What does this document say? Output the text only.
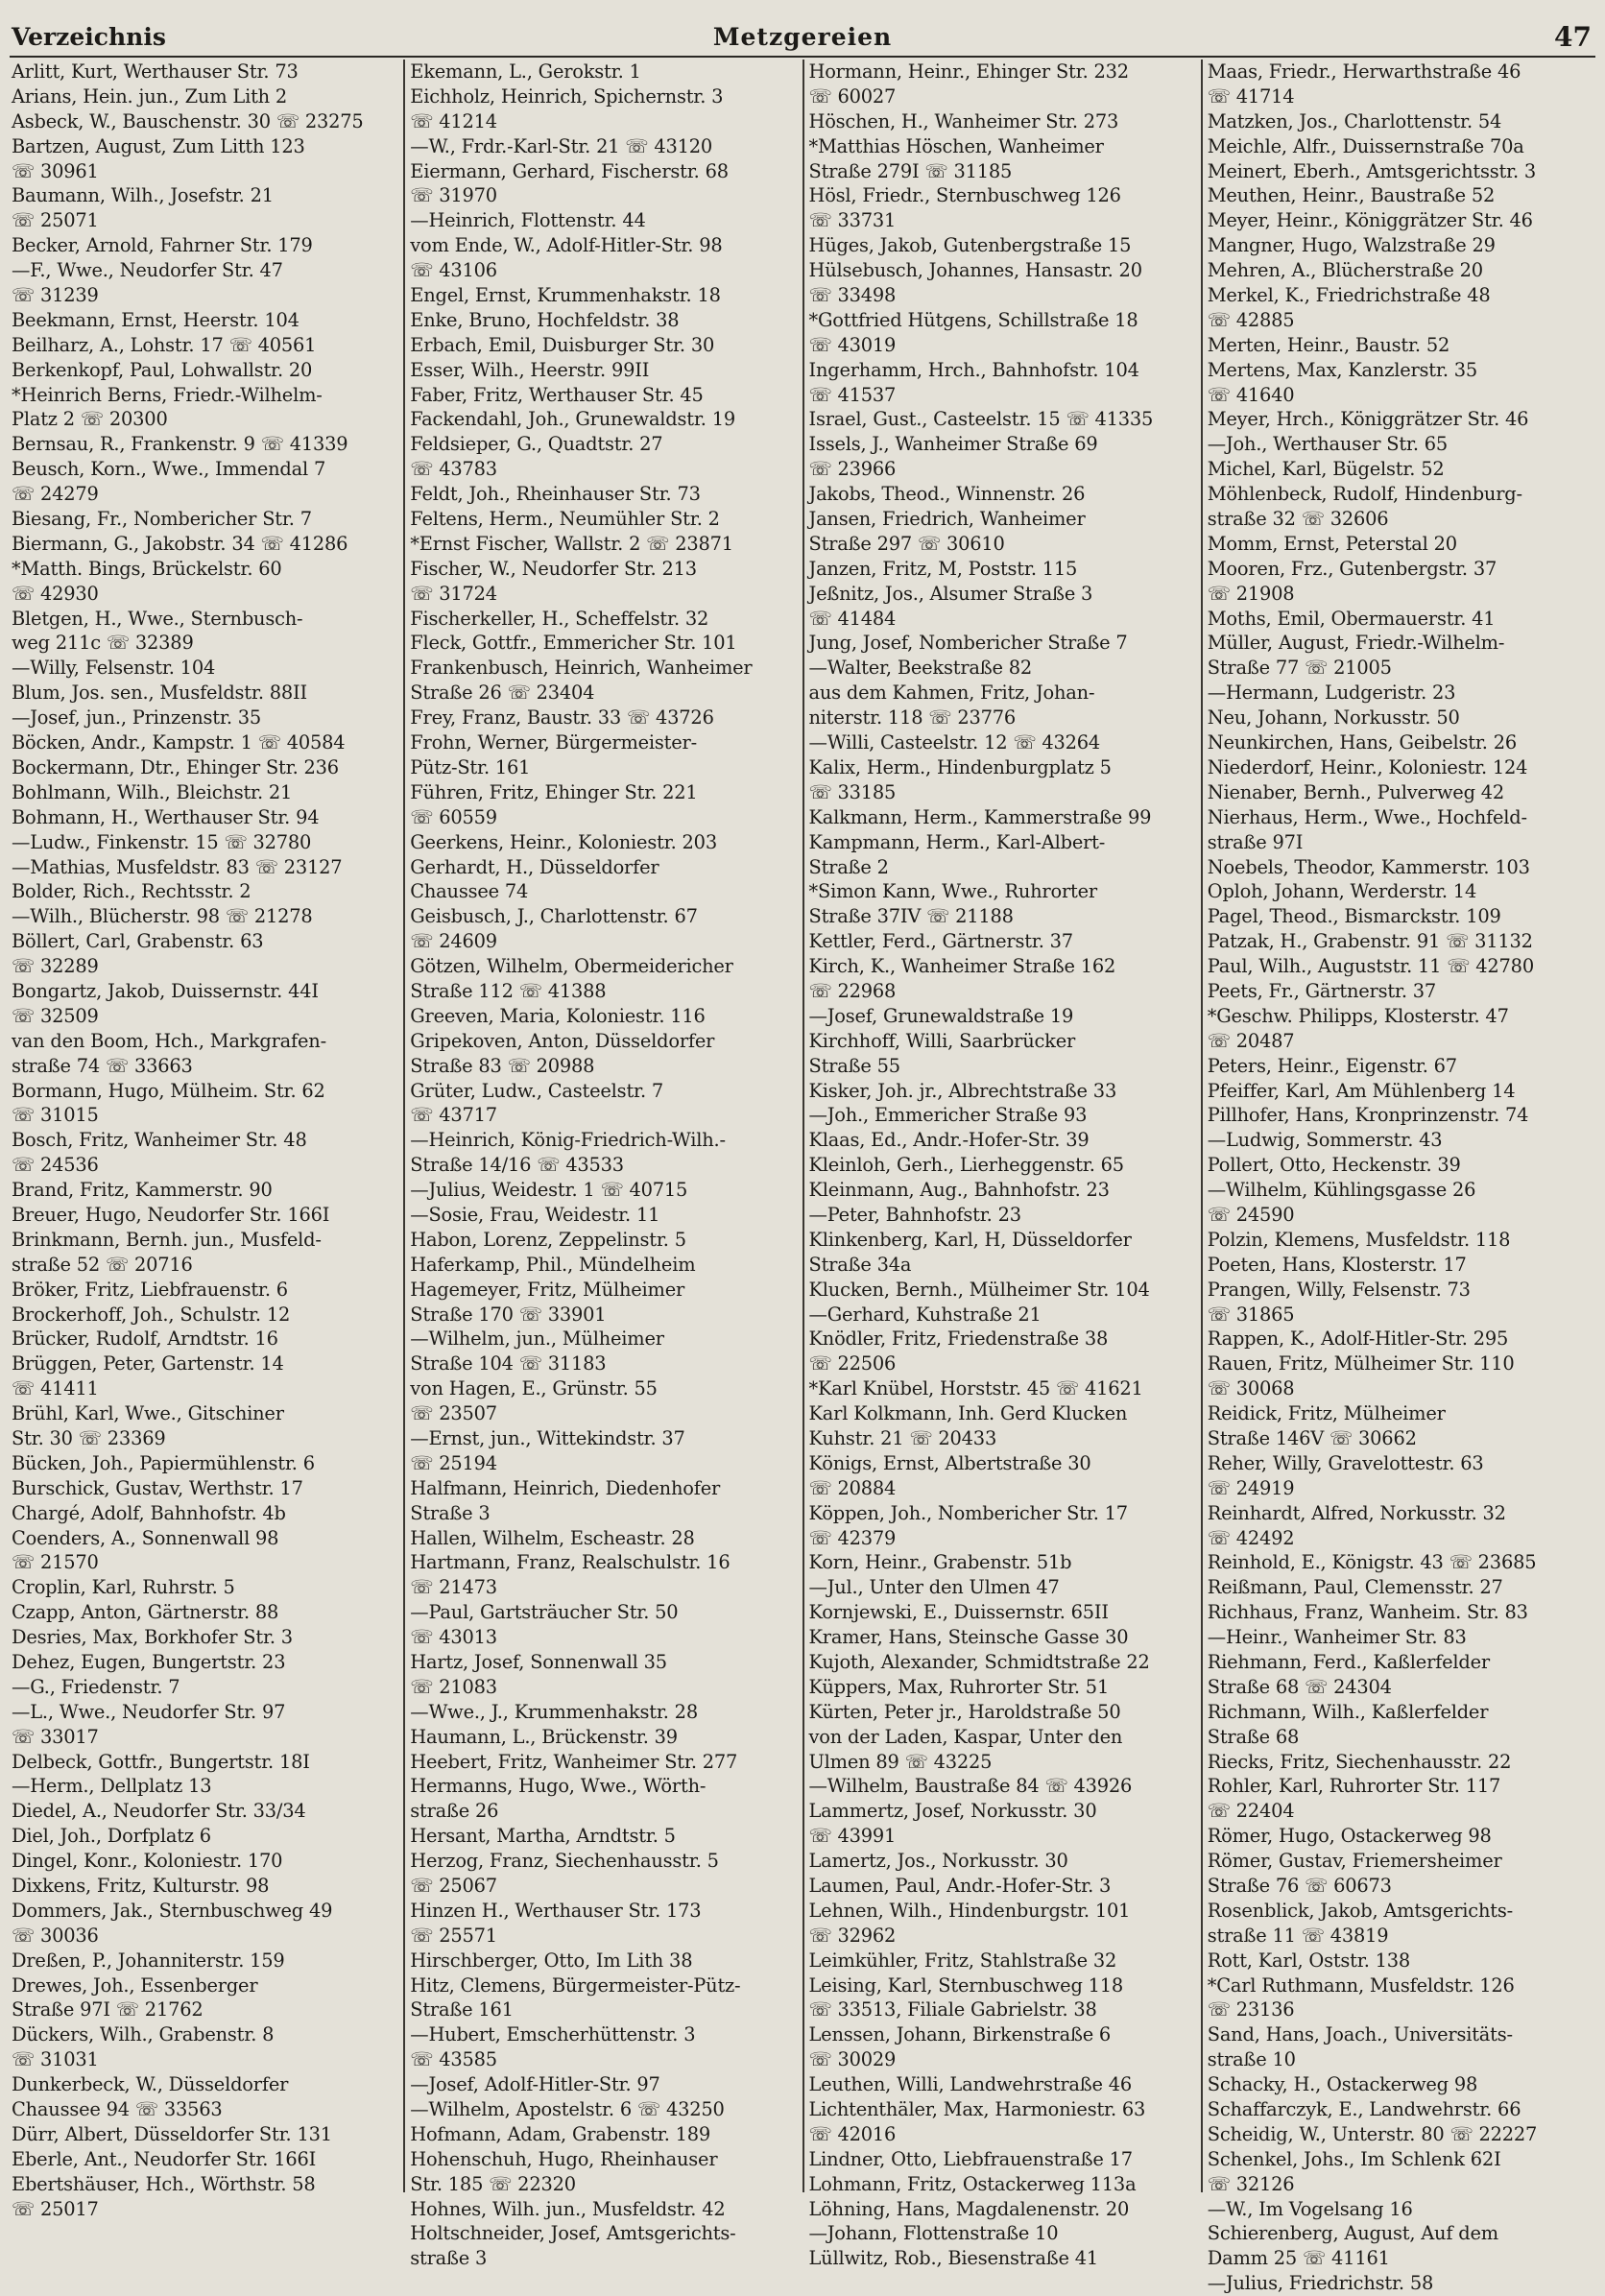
Verzeichnis	Metzgereien	47
Arlitt, Kurt, Werthauser Str. 73
Arians, Hein. jun., Zum Lith 2
Asbeck, W., Bauschenstr. 30 ☏ 23275
Bartzen, August, Zum Litth 123
☏ 30961
Baumann, Wilh., Josefstr. 21
☏ 25071
Becker, Arnold, Fahrner Str. 179
—F., Wwe., Neudorfer Str. 47
☏ 31239
Beekmann, Ernst, Heerstr. 104
Beilharz, A., Lohstr. 17 ☏ 40561
Berkenkopf, Paul, Lohwallstr. 20
*Heinrich Berns, Friedr.-Wilhelm-
Platz 2 ☏ 20300
Bernsau, R., Frankenstr. 9 ☏ 41339
Beusch, Korn., Wwe., Immendal 7
☏ 24279
Biesang, Fr., Nombericher Str. 7
Biermann, G., Jakobstr. 34 ☏ 41286
*Matth. Bings, Brückelstr. 60
☏ 42930
Bletgen, H., Wwe., Sternbusch-
weg 211c ☏ 32389
—Willy, Felsenstr. 104
Blum, Jos. sen., Musfeldstr. 88II
—Josef, jun., Prinzenstr. 35
Böcken, Andr., Kampstr. 1 ☏ 40584
Bockermann, Dtr., Ehinger Str. 236
Bohlmann, Wilh., Bleichstr. 21
Bohmann, H., Werthauser Str. 94
—Ludw., Finkenstr. 15 ☏ 32780
—Mathias, Musfeldstr. 83 ☏ 23127
Bolder, Rich., Rechtsstr. 2
—Wilh., Blücherstr. 98 ☏ 21278
Böllert, Carl, Grabenstr. 63
☏ 32289
Bongartz, Jakob, Duissernstr. 44I
☏ 32509
van den Boom, Hch., Markgrafen-
straße 74 ☏ 33663
Bormann, Hugo, Mülheim. Str. 62
☏ 31015
Bosch, Fritz, Wanheimer Str. 48
☏ 24536
Brand, Fritz, Kammerstr. 90
Breuer, Hugo, Neudorfer Str. 166I
Brinkmann, Bernh. jun., Musfeld-
straße 52 ☏ 20716
Bröker, Fritz, Liebfrauenstr. 6
Brockerhoff, Joh., Schulstr. 12
Brücker, Rudolf, Arndtstr. 16
Brüggen, Peter, Gartenstr. 14
☏ 41411
Brühl, Karl, Wwe., Gitschiner
Str. 30 ☏ 23369
Bücken, Joh., Papiermühlenstr. 6
Burschick, Gustav, Werthstr. 17
Chargé, Adolf, Bahnhofstr. 4b
Coenders, A., Sonnenwall 98
☏ 21570
Croplin, Karl, Ruhrstr. 5
Czapp, Anton, Gärtnerstr. 88
Desries, Max, Borkhofer Str. 3
Dehez, Eugen, Bungertstr. 23
—G., Friedenstr. 7
—L., Wwe., Neudorfer Str. 97
☏ 33017
Delbeck, Gottfr., Bungertstr. 18I
—Herm., Dellplatz 13
Diedel, A., Neudorfer Str. 33/34
Diel, Joh., Dorfplatz 6
Dingel, Konr., Koloniestr. 170
Dixkens, Fritz, Kulturstr. 98
Dommers, Jak., Sternbuschweg 49
☏ 30036
Dreßen, P., Johanniterstr. 159
Drewes, Joh., Essenberger
Straße 97I ☏ 21762
Dückers, Wilh., Grabenstr. 8
☏ 31031
Dunkerbeck, W., Düsseldorfer
Chaussee 94 ☏ 33563
Dürr, Albert, Düsseldorfer Str. 131
Eberle, Ant., Neudorfer Str. 166I
Ebertshäuser, Hch., Wörthstr. 58
☏ 25017
Ekemann, L., Gerokstr. 1
Eichholz, Heinrich, Spichernstr. 3
☏ 41214
—W., Frdr.-Karl-Str. 21 ☏ 43120
Eiermann, Gerhard, Fischerstr. 68
☏ 31970
—Heinrich, Flottenstr. 44
vom Ende, W., Adolf-Hitler-Str. 98
☏ 43106
Engel, Ernst, Krummenhakstr. 18
Enke, Bruno, Hochfeldstr. 38
Erbach, Emil, Duisburger Str. 30
Esser, Wilh., Heerstr. 99II
Faber, Fritz, Werthauser Str. 45
Fackendahl, Joh., Grunewaldstr. 19
Feldsieper, G., Quadtstr. 27
☏ 43783
Feldt, Joh., Rheinhauser Str. 73
Feltens, Herm., Neumühler Str. 2
*Ernst Fischer, Wallstr. 2 ☏ 23871
Fischer, W., Neudorfer Str. 213
☏ 31724
Fischerkeller, H., Scheffelstr. 32
Fleck, Gottfr., Emmericher Str. 101
Frankenbusch, Heinrich, Wanheimer
Straße 26 ☏ 23404
Frey, Franz, Baustr. 33 ☏ 43726
Frohn, Werner, Bürgermeister-
Pütz-Str. 161
Führen, Fritz, Ehinger Str. 221
☏ 60559
Geerkens, Heinr., Koloniestr. 203
Gerhardt, H., Düsseldorfer
Chaussee 74
Geisbusch, J., Charlottenstr. 67
☏ 24609
Götzen, Wilhelm, Obermeidericher
Straße 112 ☏ 41388
Greeven, Maria, Koloniestr. 116
Gripekoven, Anton, Düsseldorfer
Straße 83 ☏ 20988
Grüter, Ludw., Casteelstr. 7
☏ 43717
—Heinrich, König-Friedrich-Wilh.-
Straße 14/16 ☏ 43533
—Julius, Weidestr. 1 ☏ 40715
—Sosie, Frau, Weidestr. 11
Habon, Lorenz, Zeppelinstr. 5
Haferkamp, Phil., Mündelheim
Hagemeyer, Fritz, Mülheimer
Straße 170 ☏ 33901
—Wilhelm, jun., Mülheimer
Straße 104 ☏ 31183
von Hagen, E., Grünstr. 55
☏ 23507
—Ernst, jun., Wittekindstr. 37
☏ 25194
Halfmann, Heinrich, Diedenhofer
Straße 3
Hallen, Wilhelm, Escheastr. 28
Hartmann, Franz, Realschulstr. 16
☏ 21473
—Paul, Gartsträucher Str. 50
☏ 43013
Hartz, Josef, Sonnenwall 35
☏ 21083
—Wwe., J., Krummenhakstr. 28
Haumann, L., Brückenstr. 39
Heebert, Fritz, Wanheimer Str. 277
Hermanns, Hugo, Wwe., Wörth-
straße 26
Hersant, Martha, Arndtstr. 5
Herzog, Franz, Siechenhausstr. 5
☏ 25067
Hinzen H., Werthauser Str. 173
☏ 25571
Hirschberger, Otto, Im Lith 38
Hitz, Clemens, Bürgermeister-Pütz-
Straße 161
—Hubert, Emscherhüttenstr. 3
☏ 43585
—Josef, Adolf-Hitler-Str. 97
—Wilhelm, Apostelstr. 6 ☏ 43250
Hofmann, Adam, Grabenstr. 189
Hohenschuh, Hugo, Rheinhauser
Str. 185 ☏ 22320
Hohnes, Wilh. jun., Musfeldstr. 42
Holtschneider, Josef, Amtsgerichts-
straße 3
Hormann, Heinr., Ehinger Str. 232
☏ 60027
Höschen, H., Wanheimer Str. 273
*Matthias Höschen, Wanheimer
Straße 279I ☏ 31185
Hösl, Friedr., Sternbuschweg 126
☏ 33731
Hüges, Jakob, Gutenbergstraße 15
Hülsebusch, Johannes, Hansastr. 20
☏ 33498
*Gottfried Hütgens, Schillstraße 18
☏ 43019
Ingerhamm, Hrch., Bahnhofstr. 104
☏ 41537
Israel, Gust., Casteelstr. 15 ☏ 41335
Issels, J., Wanheimer Straße 69
☏ 23966
Jakobs, Theod., Winnenstr. 26
Jansen, Friedrich, Wanheimer
Straße 297 ☏ 30610
Janzen, Fritz, M, Poststr. 115
Jeßnitz, Jos., Alsumer Straße 3
☏ 41484
Jung, Josef, Nombericher Straße 7
—Walter, Beekstraße 82
aus dem Kahmen, Fritz, Johan-
niterstr. 118 ☏ 23776
—Willi, Casteelstr. 12 ☏ 43264
Kalix, Herm., Hindenburgplatz 5
☏ 33185
Kalkmann, Herm., Kammerstraße 99
Kampmann, Herm., Karl-Albert-
Straße 2
*Simon Kann, Wwe., Ruhrorter
Straße 37IV ☏ 21188
Kettler, Ferd., Gärtnerstr. 37
Kirch, K., Wanheimer Straße 162
☏ 22968
—Josef, Grunewaldstraße 19
Kirchhoff, Willi, Saarbrücker
Straße 55
Kisker, Joh. jr., Albrechtstraße 33
—Joh., Emmericher Straße 93
Klaas, Ed., Andr.-Hofer-Str. 39
Kleinloh, Gerh., Lierheggenstr. 65
Kleinmann, Aug., Bahnhofstr. 23
—Peter, Bahnhofstr. 23
Klinkenberg, Karl, H, Düsseldorfer
Straße 34a
Klucken, Bernh., Mülheimer Str. 104
—Gerhard, Kuhstraße 21
Knödler, Fritz, Friedenstraße 38
☏ 22506
*Karl Knübel, Horststr. 45 ☏ 41621
Karl Kolkmann, Inh. Gerd Klucken
Kuhstr. 21 ☏ 20433
Königs, Ernst, Albertstraße 30
☏ 20884
Köppen, Joh., Nombericher Str. 17
☏ 42379
Korn, Heinr., Grabenstr. 51b
—Jul., Unter den Ulmen 47
Kornjewski, E., Duissernstr. 65II
Kramer, Hans, Steinsche Gasse 30
Kujoth, Alexander, Schmidtstraße 22
Küppers, Max, Ruhrorter Str. 51
Kürten, Peter jr., Haroldstraße 50
von der Laden, Kaspar, Unter den
Ulmen 89 ☏ 43225
—Wilhelm, Baustraße 84 ☏ 43926
Lammertz, Josef, Norkusstr. 30
☏ 43991
Lamertz, Jos., Norkusstr. 30
Laumen, Paul, Andr.-Hofer-Str. 3
Lehnen, Wilh., Hindenburgstr. 101
☏ 32962
Leimkühler, Fritz, Stahlstraße 32
Leising, Karl, Sternbuschweg 118
☏ 33513, Filiale Gabrielstr. 38
Lenssen, Johann, Birkenstraße 6
☏ 30029
Leuthen, Willi, Landwehrstraße 46
Lichtenthäler, Max, Harmoniestr. 63
☏ 42016
Lindner, Otto, Liebfrauenstraße 17
Lohmann, Fritz, Ostackerweg 113a
Löhning, Hans, Magdalenenstr. 20
—Johann, Flottenstraße 10
Lüllwitz, Rob., Biesenstraße 41
Maas, Friedr., Herwarthstraße 46
☏ 41714
Matzken, Jos., Charlottenstr. 54
Meichle, Alfr., Duissernstraße 70a
Meinert, Eberh., Amtsgerichtsstr. 3
Meuthen, Heinr., Baustraße 52
Meyer, Heinr., Königgrätzer Str. 46
Mangner, Hugo, Walzstraße 29
Mehren, A., Blücherstraße 20
Merkel, K., Friedrichstraße 48
☏ 42885
Merten, Heinr., Baustr. 52
Mertens, Max, Kanzlerstr. 35
☏ 41640
Meyer, Hrch., Königgrätzer Str. 46
—Joh., Werthauser Str. 65
Michel, Karl, Bügelstr. 52
Möhlenbeck, Rudolf, Hindenburg-
straße 32 ☏ 32606
Momm, Ernst, Peterstal 20
Mooren, Frz., Gutenbergstr. 37
☏ 21908
Moths, Emil, Obermauerstr. 41
Müller, August, Friedr.-Wilhelm-
Straße 77 ☏ 21005
—Hermann, Ludgeristr. 23
Neu, Johann, Norkusstr. 50
Neunkirchen, Hans, Geibelstr. 26
Niederdorf, Heinr., Koloniestr. 124
Nienaber, Bernh., Pulverweg 42
Nierhaus, Herm., Wwe., Hochfeld-
straße 97I
Noebels, Theodor, Kammerstr. 103
Oploh, Johann, Werderstr. 14
Pagel, Theod., Bismarckstr. 109
Patzak, H., Grabenstr. 91 ☏ 31132
Paul, Wilh., Auguststr. 11 ☏ 42780
Peets, Fr., Gärtnerstr. 37
*Geschw. Philipps, Klosterstr. 47
☏ 20487
Peters, Heinr., Eigenstr. 67
Pfeiffer, Karl, Am Mühlenberg 14
Pillhofer, Hans, Kronprinzenstr. 74
—Ludwig, Sommerstr. 43
Pollert, Otto, Heckenstr. 39
—Wilhelm, Kühlingsgasse 26
☏ 24590
Polzin, Klemens, Musfeldstr. 118
Poeten, Hans, Klosterstr. 17
Prangen, Willy, Felsenstr. 73
☏ 31865
Rappen, K., Adolf-Hitler-Str. 295
Rauen, Fritz, Mülheimer Str. 110
☏ 30068
Reidick, Fritz, Mülheimer
Straße 146V ☏ 30662
Reher, Willy, Gravelottestr. 63
☏ 24919
Reinhardt, Alfred, Norkusstr. 32
☏ 42492
Reinhold, E., Königstr. 43 ☏ 23685
Reißmann, Paul, Clemensstr. 27
Richhaus, Franz, Wanheim. Str. 83
—Heinr., Wanheimer Str. 83
Riehmann, Ferd., Kaßlerfelder
Straße 68 ☏ 24304
Richmann, Wilh., Kaßlerfelder
Straße 68
Riecks, Fritz, Siechenhausstr. 22
Rohler, Karl, Ruhrorter Str. 117
☏ 22404
Römer, Hugo, Ostackerweg 98
Römer, Gustav, Friemersheimer
Straße 76 ☏ 60673
Rosenblick, Jakob, Amtsgerichts-
straße 11 ☏ 43819
Rott, Karl, Oststr. 138
*Carl Ruthmann, Musfeldstr. 126
☏ 23136
Sand, Hans, Joach., Universitäts-
straße 10
Schacky, H., Ostackerweg 98
Schaffarczyk, E., Landwehrstr. 66
Scheidig, W., Unterstr. 80 ☏ 22227
Schenkel, Johs., Im Schlenk 62I
☏ 32126
—W., Im Vogelsang 16
Schierenberg, August, Auf dem
Damm 25 ☏ 41161
—Julius, Friedrichstr. 58
